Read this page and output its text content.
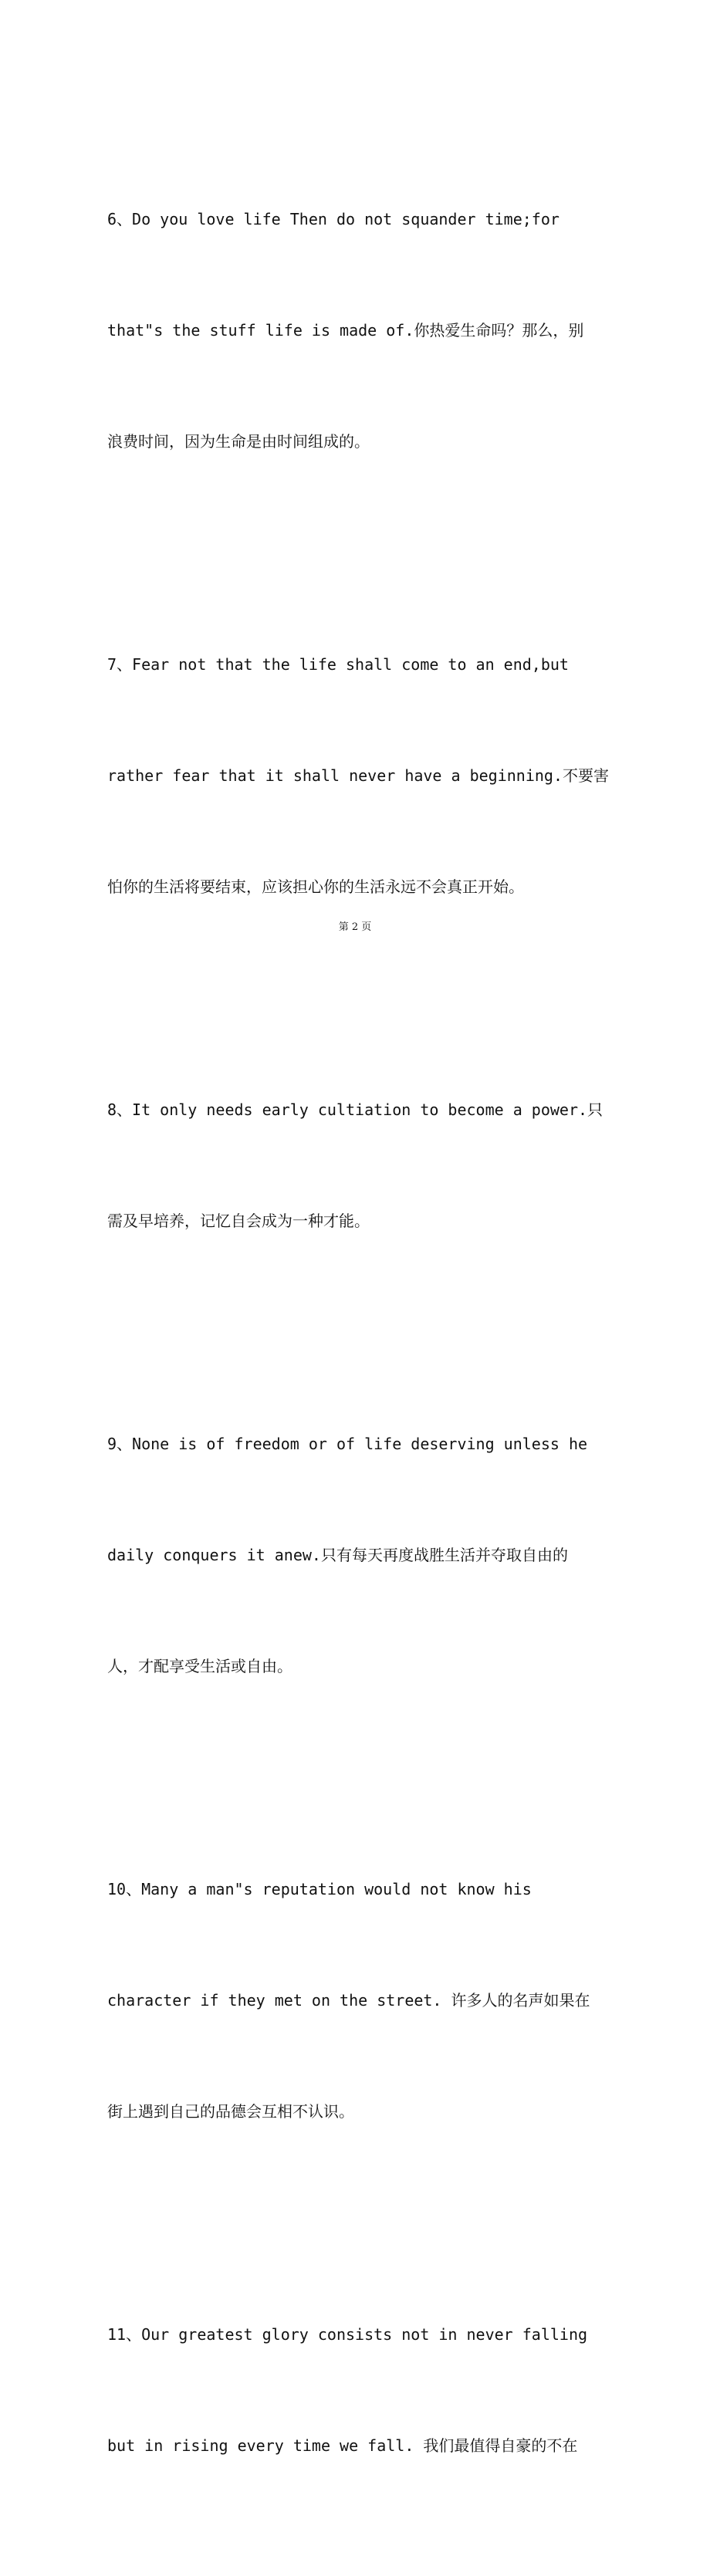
6、Do you love life Then do not squander time;for

that"s the stuff life is made of.你热爱生命吗？那么，别

浪费时间，因为生命是由时间组成的。

7、Fear not that the life shall come to an end,but

rather fear that it shall never have a beginning.不要害

怕你的生活将要结束，应该担心你的生活永远不会真正开始。

8、It only needs early cultiation to become a power.只

需及早培养，记忆自会成为一种才能。

9、None is of freedom or of life deserving unless he

daily conquers it anew.只有每天再度战胜生活并夺取自由的

人，才配享受生活或自由。

10、Many a man"s reputation would not know his

character if they met on the street. 许多人的名声如果在

街上遇到自己的品德会互相不认识。

11、Our greatest glory consists not in never falling

but in rising every time we fall. 我们最值得自豪的不在

第 2 页
